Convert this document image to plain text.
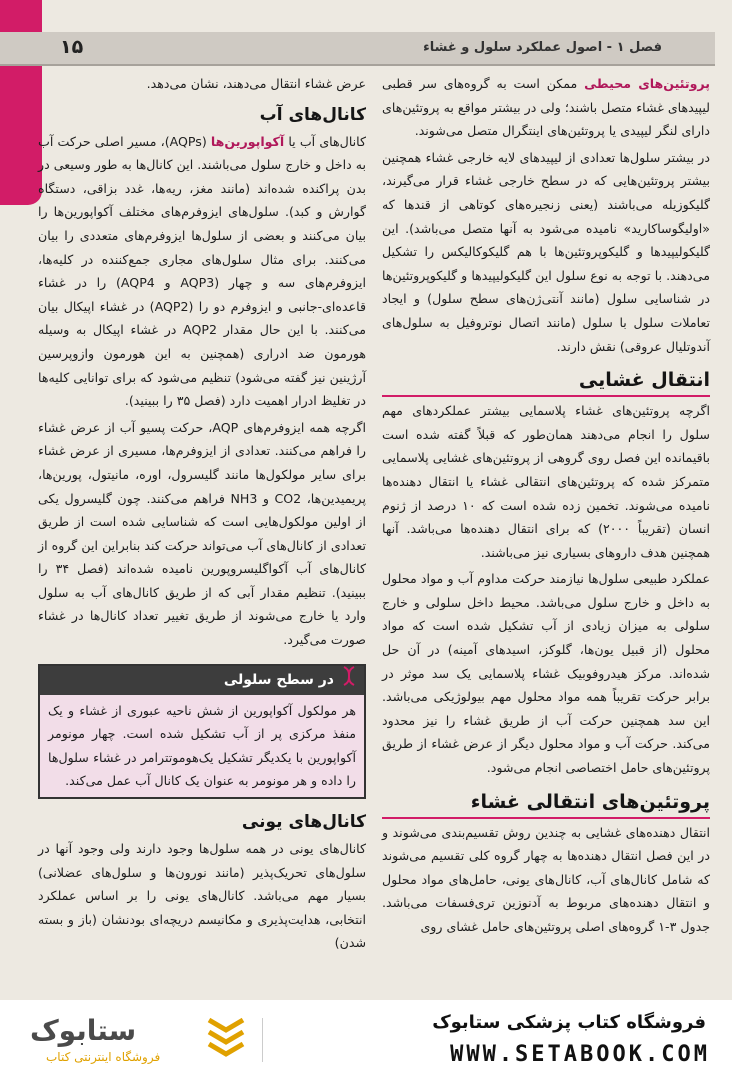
۱۵	فصل ۱ - اصول عملکرد سلول و غشاء

پروتئین‌های محیطی ممکن است به گروه‌های سر قطبی لیپیدهای غشاء متصل باشند؛ ولی در بیشتر مواقع به پروتئین‌های دارای لنگر لیپیدی یا پروتئین‌های اینتگرال متصل می‌شوند.

در بیشتر سلول‌ها تعدادی از لیپیدهای لایه خارجی غشاء همچنین بیشتر پروتئین‌هایی که در سطح خارجی غشاء قرار می‌گیرند، گلیکوزیله می‌باشند (یعنی زنجیره‌های کوتاهی از قندها که «اولیگوساکارید» نامیده می‌شود به آنها متصل می‌باشد). این گلیکولیپیدها و گلیکوپروتئین‌ها با هم گلیکوکالیکس را تشکیل می‌دهند. با توجه به نوع سلول این گلیکولیپیدها و گلیکوپروتئین‌ها در شناسایی سلول (مانند آنتی‌ژن‌های سطح سلول) و ایجاد تعاملات سلول با سلول (مانند اتصال نوتروفیل به سلول‌های آندوتلیال عروقی) نقش دارند.

انتقال غشایی

اگرچه پروتئین‌های غشاء پلاسمایی بیشتر عملکردهای مهم سلول را انجام می‌دهند همان‌طور که قبلاً گفته شده است باقیمانده این فصل روی گروهی از پروتئین‌های غشایی پلاسمایی متمرکز شده که پروتئین‌های انتقالی غشاء یا انتقال دهنده‌ها نامیده می‌شوند. تخمین زده شده است که ۱۰ درصد از ژنوم انسان (تقریباً ۲۰۰۰) که برای انتقال دهنده‌ها می‌باشد. آنها همچنین هدف داروهای بسیاری نیز می‌باشند.

عملکرد طبیعی سلول‌ها نیازمند حرکت مداوم آب و مواد محلول به داخل و خارج سلول می‌باشد. محیط داخل سلولی و خارج سلولی به میزان زیادی از آب تشکیل شده است که مواد محلول (از قبیل یون‌ها، گلوکز، اسیدهای آمینه) در آن حل شده‌اند. مرکز هیدروفوبیک غشاء پلاسمایی یک سد موثر در برابر حرکت تقریباً همه مواد محلول مهم بیولوژیکی می‌باشد. این سد همچنین حرکت آب از طریق غشاء را نیز محدود می‌کند. حرکت آب و مواد محلول دیگر از عرض غشاء از طریق پروتئین‌های حامل اختصاصی انجام می‌شود.

پروتئین‌های انتقالی غشاء

انتقال دهنده‌های غشایی به چندین روش تقسیم‌بندی می‌شوند و در این فصل انتقال دهنده‌ها به چهار گروه کلی تقسیم می‌شوند که شامل کانال‌های آب، کانال‌های یونی، حامل‌های مواد محلول و انتقال دهنده‌های مربوط به آدنوزین تری‌فسفات می‌باشد. جدول ۳-۱ گروه‌های اصلی پروتئین‌های حامل غشای روی

عرض غشاء انتقال می‌دهند، نشان می‌دهد.

کانال‌های آب

کانال‌های آب یا آکواپورین‌ها (AQPs)، مسیر اصلی حرکت آب به داخل و خارج سلول می‌باشند. این کانال‌ها به طور وسیعی در بدن پراکنده شده‌اند (مانند مغز، ریه‌ها، غدد بزاقی، دستگاه گوارش و کبد). سلول‌های ایزوفرم‌های مختلف آکواپورین‌ها را بیان می‌کنند و بعضی از سلول‌ها ایزوفرم‌های متعددی را بیان می‌کنند. برای مثال سلول‌های مجاری جمع‌کننده در کلیه‌ها، ایزوفرم‌های سه و چهار (AQP3 و AQP4) را در غشاء قاعده‌ای-جانبی و ایزوفرم دو را (AQP2) در غشاء اپیکال بیان می‌کنند. با این حال مقدار AQP2 در غشاء اپیکال به وسیله هورمون ضد ادراری (همچنین به این هورمون وازوپرسین آرژینین نیز گفته می‌شود) تنظیم می‌شود که برای توانایی کلیه‌ها در تغلیظ ادرار اهمیت دارد (فصل ۳۵ را ببینید).

اگرچه همه ایزوفرم‌های AQP، حرکت پسیو آب از عرض غشاء را فراهم می‌کنند. تعدادی از ایزوفرم‌ها، مسیری از عرض غشاء برای سایر مولکول‌ها مانند گلیسرول، اوره، مانیتول، پورین‌ها، پریمیدین‌ها، CO2 و NH3 فراهم می‌کنند. چون گلیسرول یکی از اولین مولکول‌هایی است که شناسایی شده است از طریق تعدادی از کانال‌های آب می‌تواند حرکت کند بنابراین این گروه از کانال‌های آب آکواگلیسروپورین نامیده شده‌اند (فصل ۳۴ را ببینید). تنظیم مقدار آبی که از طریق کانال‌های آب به سلول وارد یا خارج می‌شوند از طریق تغییر تعداد کانال‌ها در غشاء صورت می‌گیرد.

در سطح سلولی
هر مولکول آکواپورین از شش ناحیه عبوری از غشاء و یک منفذ مرکزی پر از آب تشکیل شده است. چهار مونومر آکواپورین با یکدیگر تشکیل یک‌هوموتترامر در غشاء سلول‌ها را داده و هر مونومر به عنوان یک کانال آب عمل می‌کند.
کانال‌های یونی

کانال‌های یونی در همه سلول‌ها وجود دارند ولی وجود آنها در سلول‌های تحریک‌پذیر (مانند نورون‌ها و سلول‌های عضلانی) بسیار مهم می‌باشد. کانال‌های یونی را بر اساس عملکرد انتخابی، هدایت‌پذیری و مکانیسم دریچه‌ای بودنشان (باز و بسته شدن)

فروشگاه کتاب پزشکی ستابوک
WWW.SETABOOK.COM
ستابوک
فروشگاه اینترنتی کتاب
